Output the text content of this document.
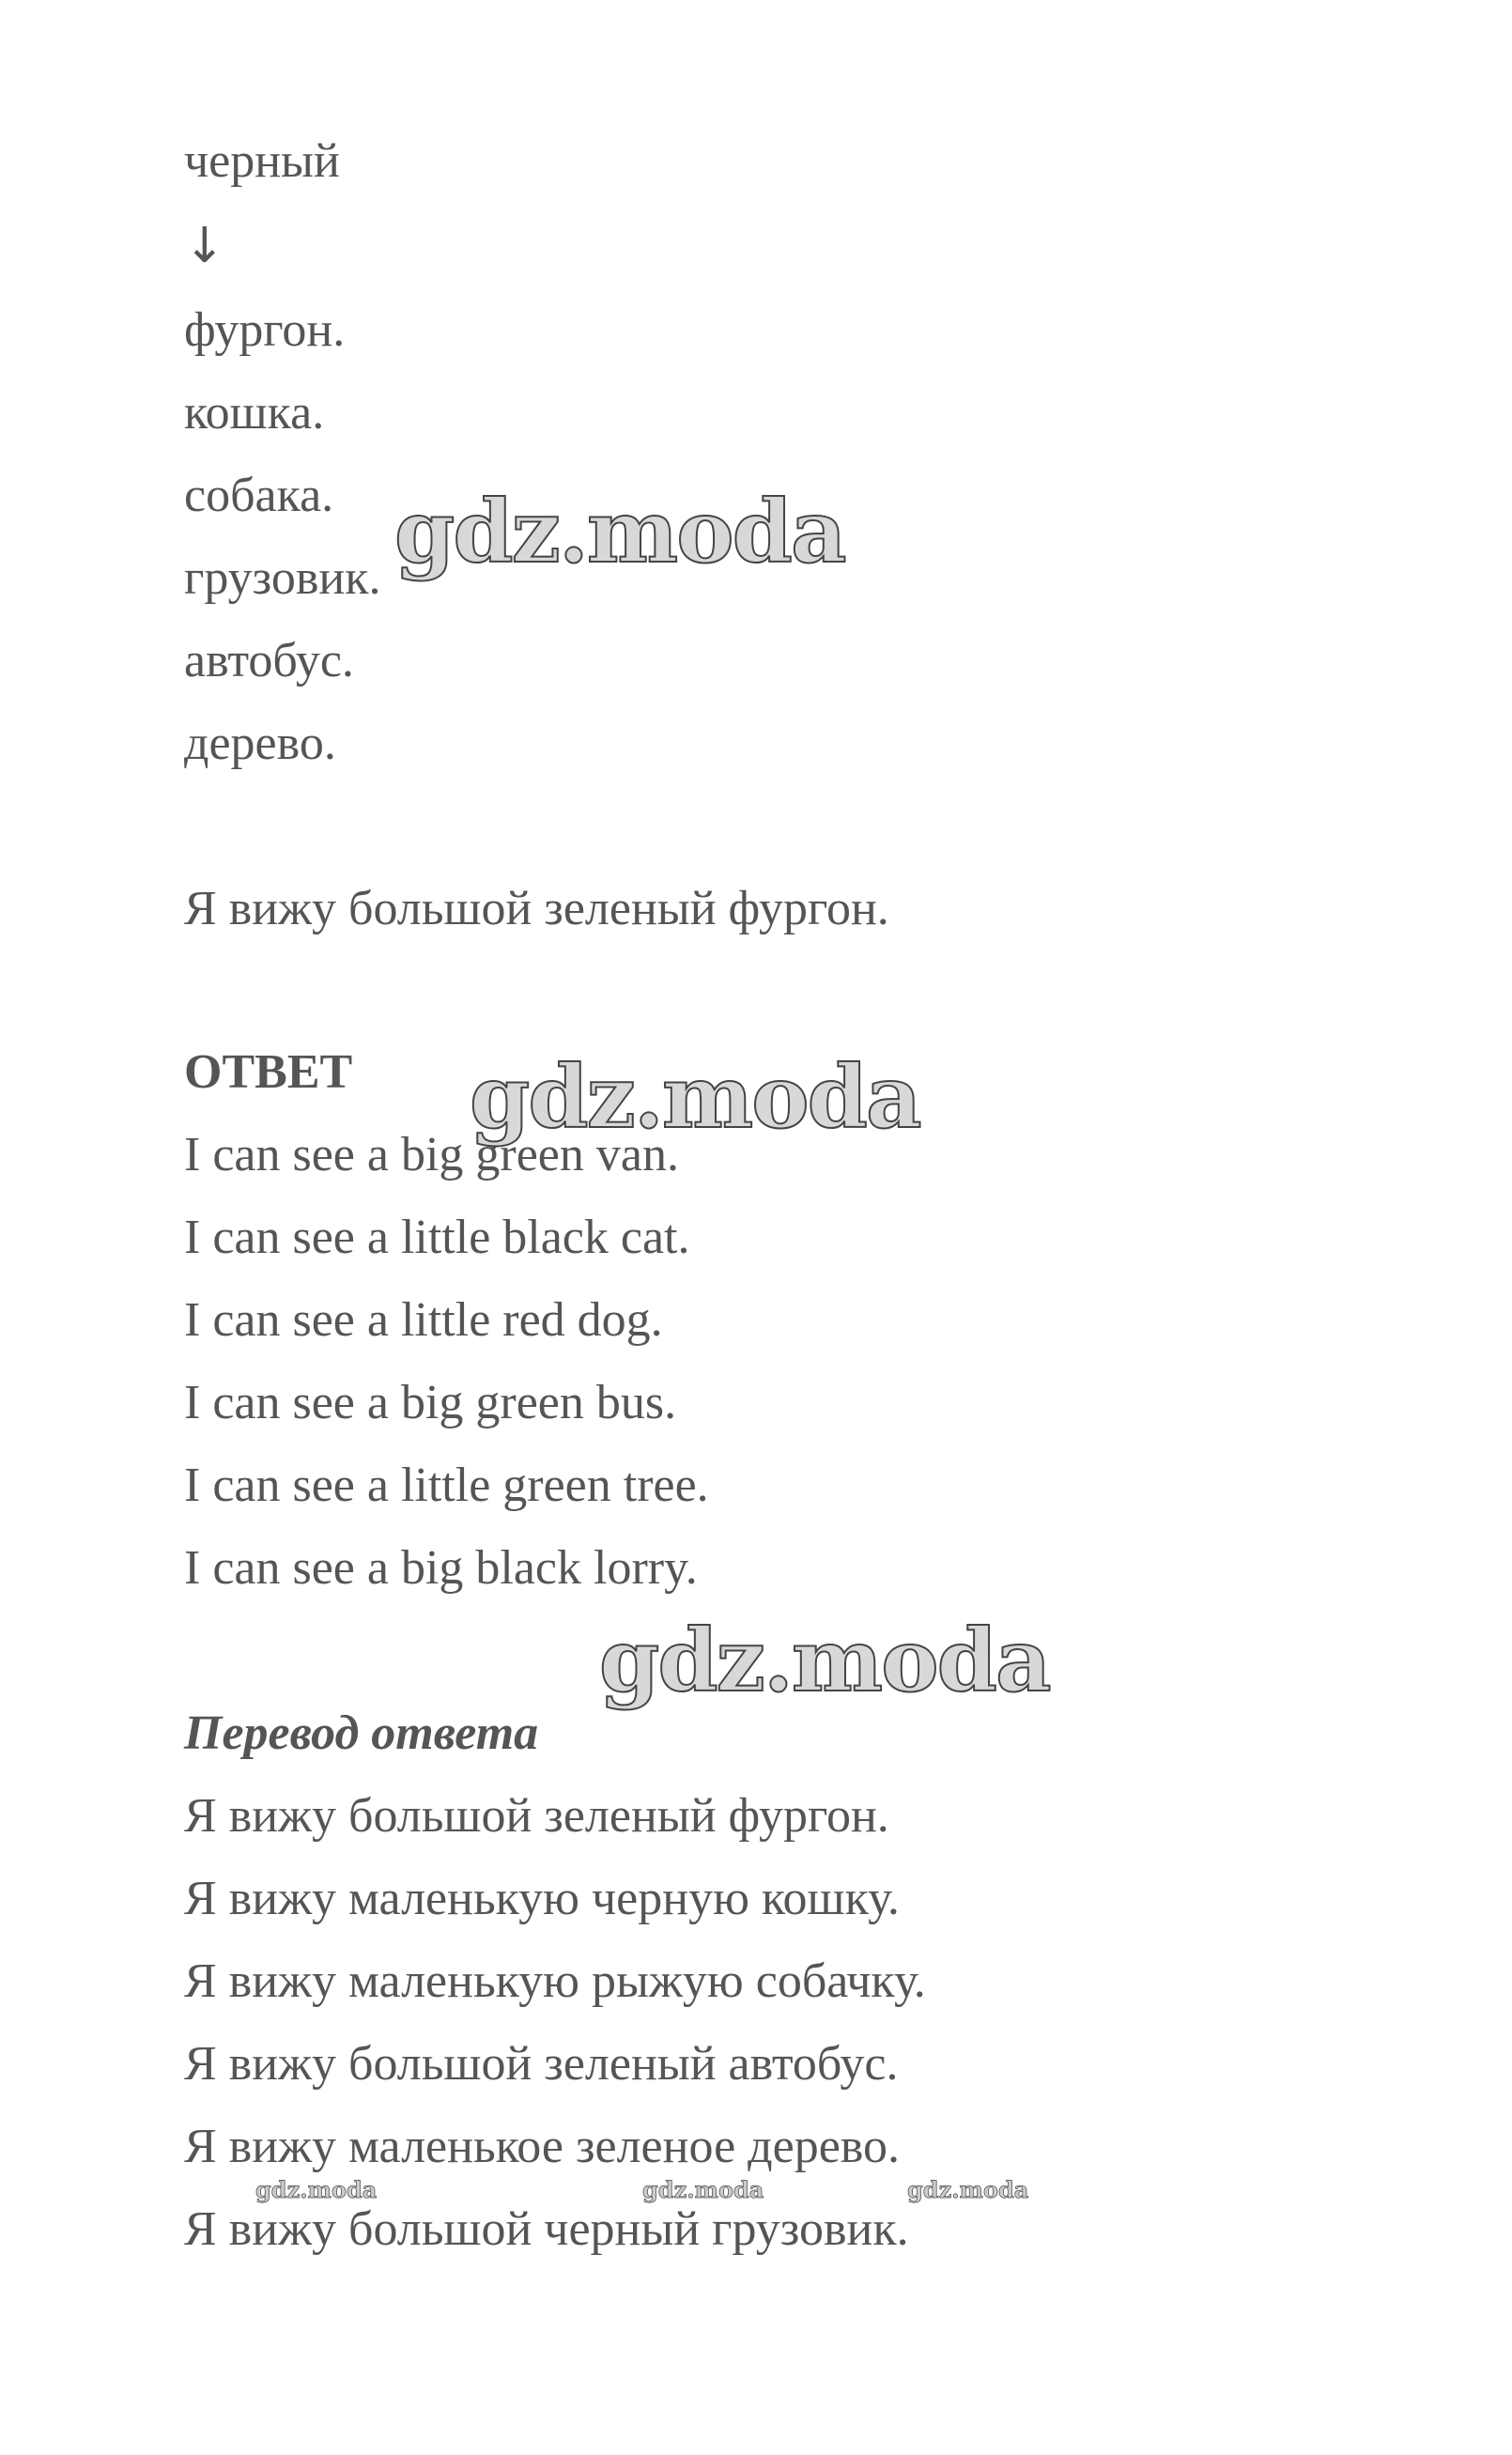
черный
↓
фургон.
кошка.
собака.
грузовик.
автобус.
дерево.
Я вижу большой зеленый фургон.
ОТВЕТ
I can see a big green van.
I can see a little black cat.
I can see a little red dog.
I can see a big green bus.
I can see a little green tree.
I can see a big black lorry.
Перевод ответа
Я вижу большой зеленый фургон.
Я вижу маленькую черную кошку.
Я вижу маленькую рыжую собачку.
Я вижу большой зеленый автобус.
Я вижу маленькое зеленое дерево.
Я вижу большой черный грузовик.
gdz.moda
gdz.moda
gdz.moda
gdz.moda	gdz.moda	gdz.moda
